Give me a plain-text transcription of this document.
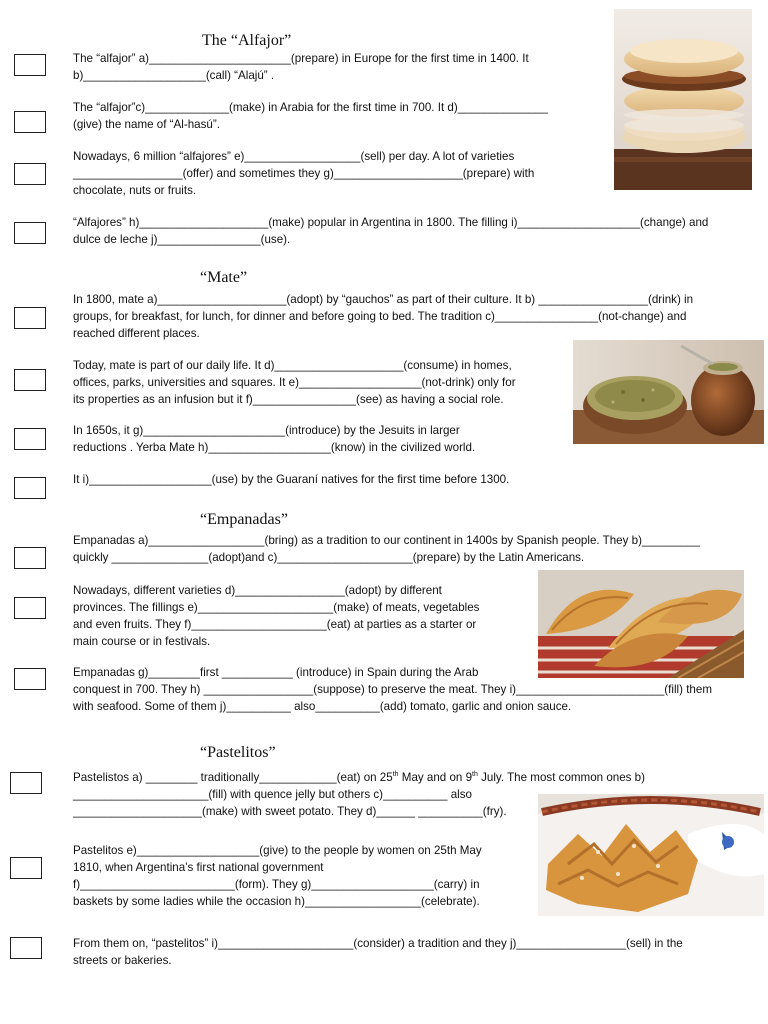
The “Alfajor”
The “alfajor” a)______________________(prepare) in Europe for the first time in 1400. It
b)___________________(call) “Alajú” .
The “alfajor”c)_____________(make) in Arabia for the first time in 700. It d)______________
(give) the name of “Al-hasú”.
Nowadays, 6 million “alfajores” e)__________________(sell) per day. A lot of varieties
_________________(offer) and sometimes they g)____________________(prepare) with
chocolate, nuts or fruits.
“Alfajores” h)____________________(make) popular in Argentina in 1800. The filling i)___________________(change) and
dulce de leche j)________________(use).
“Mate”
In 1800, mate a)____________________(adopt) by “gauchos” as part of their culture. It b) _________________(drink) in
groups, for breakfast, for lunch, for dinner and before going to bed. The tradition c)________________(not-change) and
reached different places.
Today, mate is part of our daily life. It d)____________________(consume) in homes,
offices, parks, universities and squares. It e)___________________(not-drink) only for
its properties as an infusion but it f)________________(see) as having a social role.
In 1650s, it g)______________________(introduce) by the Jesuits in larger
reductions . Yerba Mate h)___________________(know) in the civilized world.
It i)___________________(use) by the Guaraní natives for the first time before 1300.
“Empanadas”
Empanadas a)__________________(bring) as a tradition to our continent in 1400s by Spanish people. They b)_________
quickly _______________(adopt)and c)_____________________(prepare) by the Latin Americans.
Nowadays, different varieties d)_________________(adopt) by different
provinces. The fillings e)_____________________(make) of meats, vegetables
and even fruits. They f)_____________________(eat) at parties as a starter or
main course or in festivals.
Empanadas g)________first ___________ (introduce) in Spain during the Arab
conquest in 700. They h) _________________(suppose) to preserve the meat. They i)_______________________(fill) them
with seafood. Some of them j)__________ also__________(add) tomato, garlic and onion sauce.
“Pastelitos”
Pastelistos a) ________ traditionally____________(eat) on 25th May and on 9th July. The most common ones b)
_____________________(fill) with quence jelly but others c)__________ also
____________________(make) with sweet potato. They d)______ __________(fry).
Pastelitos e)___________________(give) to the people by women on 25th May
1810, when Argentina’s first national government
f)________________________(form). They g)___________________(carry) in
baskets by some ladies while the occasion h)__________________(celebrate).
From them on, “pastelitos” i)_____________________(consider) a tradition and they j)_________________(sell) in the
streets or bakeries.
